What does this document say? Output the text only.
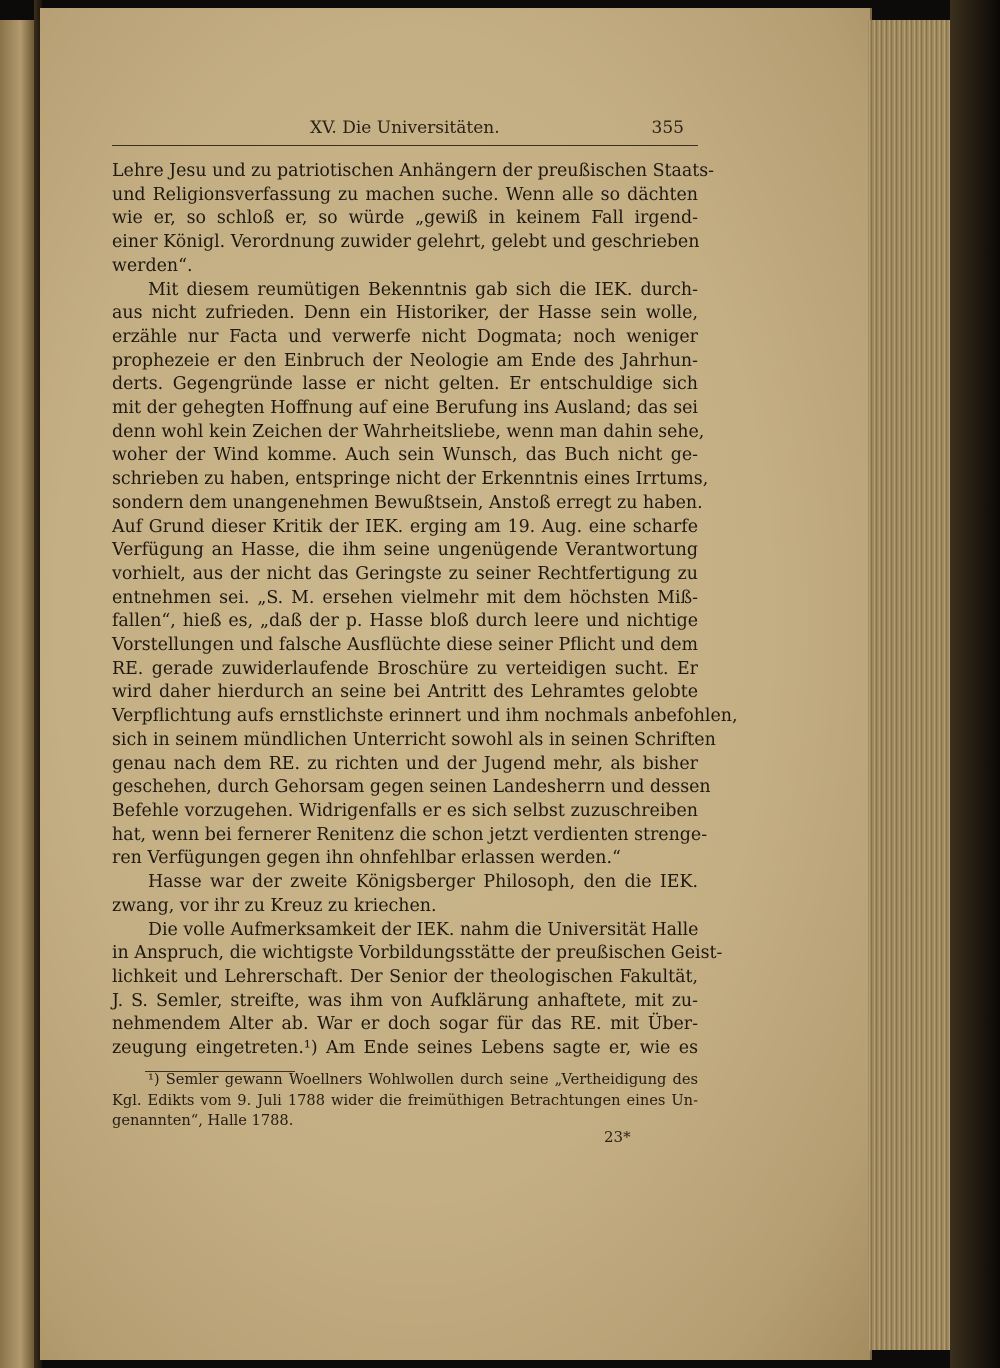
XV. Die Universitäten.	355
Lehre Jesu und zu patriotischen Anhängern der preußischen Staats-
und Religionsverfassung zu machen suche. Wenn alle so dächten
wie er, so schloß er, so würde „gewiß in keinem Fall irgend-
einer Königl. Verordnung zuwider gelehrt, gelebt und geschrieben
werden“.
Mit diesem reumütigen Bekenntnis gab sich die IEK. durch-
aus nicht zufrieden. Denn ein Historiker, der Hasse sein wolle,
erzähle nur Facta und verwerfe nicht Dogmata; noch weniger
prophezeie er den Einbruch der Neologie am Ende des Jahrhun-
derts. Gegengründe lasse er nicht gelten. Er entschuldige sich
mit der gehegten Hoffnung auf eine Berufung ins Ausland; das sei
denn wohl kein Zeichen der Wahrheitsliebe, wenn man dahin sehe,
woher der Wind komme. Auch sein Wunsch, das Buch nicht ge-
schrieben zu haben, entspringe nicht der Erkenntnis eines Irrtums,
sondern dem unangenehmen Bewußtsein, Anstoß erregt zu haben.
Auf Grund dieser Kritik der IEK. erging am 19. Aug. eine scharfe
Verfügung an Hasse, die ihm seine ungenügende Verantwortung
vorhielt, aus der nicht das Geringste zu seiner Rechtfertigung zu
entnehmen sei. „S. M. ersehen vielmehr mit dem höchsten Miß-
fallen“, hieß es, „daß der p. Hasse bloß durch leere und nichtige
Vorstellungen und falsche Ausflüchte diese seiner Pflicht und dem
RE. gerade zuwiderlaufende Broschüre zu verteidigen sucht. Er
wird daher hierdurch an seine bei Antritt des Lehramtes gelobte
Verpflichtung aufs ernstlichste erinnert und ihm nochmals anbefohlen,
sich in seinem mündlichen Unterricht sowohl als in seinen Schriften
genau nach dem RE. zu richten und der Jugend mehr, als bisher
geschehen, durch Gehorsam gegen seinen Landesherrn und dessen
Befehle vorzugehen. Widrigenfalls er es sich selbst zuzuschreiben
hat, wenn bei fernerer Renitenz die schon jetzt verdienten strenge-
ren Verfügungen gegen ihn ohnfehlbar erlassen werden.“
Hasse war der zweite Königsberger Philosoph, den die IEK.
zwang, vor ihr zu Kreuz zu kriechen.
Die volle Aufmerksamkeit der IEK. nahm die Universität Halle
in Anspruch, die wichtigste Vorbildungsstätte der preußischen Geist-
lichkeit und Lehrerschaft. Der Senior der theologischen Fakultät,
J. S. Semler, streifte, was ihm von Aufklärung anhaftete, mit zu-
nehmendem Alter ab. War er doch sogar für das RE. mit Über-
zeugung eingetreten.¹) Am Ende seines Lebens sagte er, wie es
¹) Semler gewann Woellners Wohlwollen durch seine „Vertheidigung des
Kgl. Edikts vom 9. Juli 1788 wider die freimüthigen Betrachtungen eines Un-
genannten“, Halle 1788.
23*
